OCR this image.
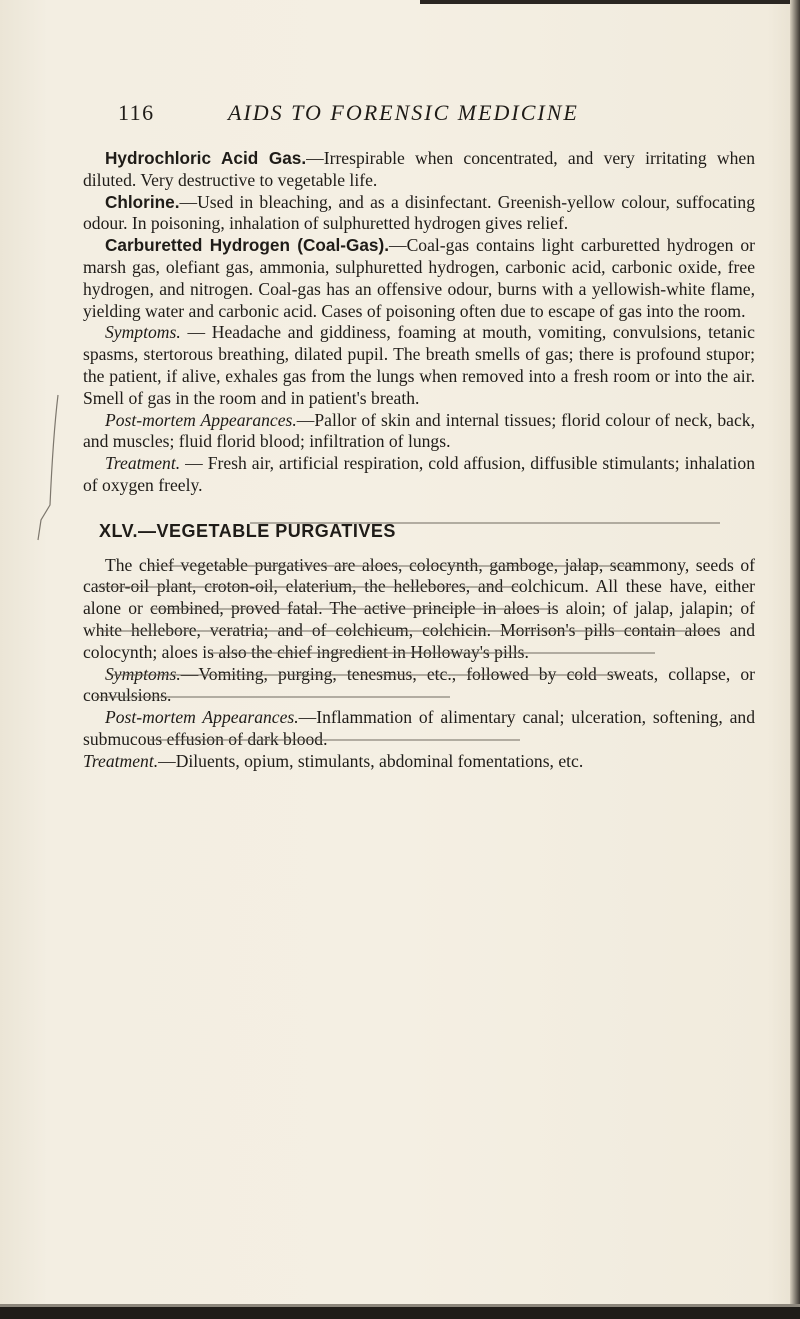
116	AIDS TO FORENSIC MEDICINE

Hydrochloric Acid Gas.—Irrespirable when concentrated, and very irritating when diluted. Very destructive to vegetable life.

Chlorine.—Used in bleaching, and as a disinfectant. Greenish-yellow colour, suffocating odour. In poisoning, inhalation of sulphuretted hydrogen gives relief.

Carburetted Hydrogen (Coal-Gas).—Coal-gas contains light carburetted hydrogen or marsh gas, olefiant gas, ammonia, sulphuretted hydrogen, carbonic acid, carbonic oxide, free hydrogen, and nitrogen. Coal-gas has an offensive odour, burns with a yellowish-white flame, yielding water and carbonic acid. Cases of poisoning often due to escape of gas into the room.

Symptoms. — Headache and giddiness, foaming at mouth, vomiting, convulsions, tetanic spasms, stertorous breathing, dilated pupil. The breath smells of gas; there is profound stupor; the patient, if alive, exhales gas from the lungs when removed into a fresh room or into the air. Smell of gas in the room and in patient's breath.

Post-mortem Appearances.—Pallor of skin and internal tissues; florid colour of neck, back, and muscles; fluid florid blood; infiltration of lungs.

Treatment. — Fresh air, artificial respiration, cold affusion, diffusible stimulants; inhalation of oxygen freely.

XLV.—VEGETABLE PURGATIVES

The chief vegetable purgatives are aloes, colocynth, gamboge, jalap, scammony, seeds of castor-oil plant, croton-oil, elaterium, the hellebores, and colchicum. All these have, either alone or combined, proved fatal. The active principle in aloes is aloin; of jalap, jalapin; of white hellebore, veratria; and of colchicum, colchicin. Morrison's pills contain aloes and colocynth; aloes is also the chief ingredient in Holloway's pills.

Symptoms.—Vomiting, purging, tenesmus, etc., followed by cold sweats, collapse, or convulsions.

Post-mortem Appearances.—Inflammation of alimentary canal; ulceration, softening, and submucous effusion of dark blood.

Treatment.—Diluents, opium, stimulants, abdominal fomentations, etc.
